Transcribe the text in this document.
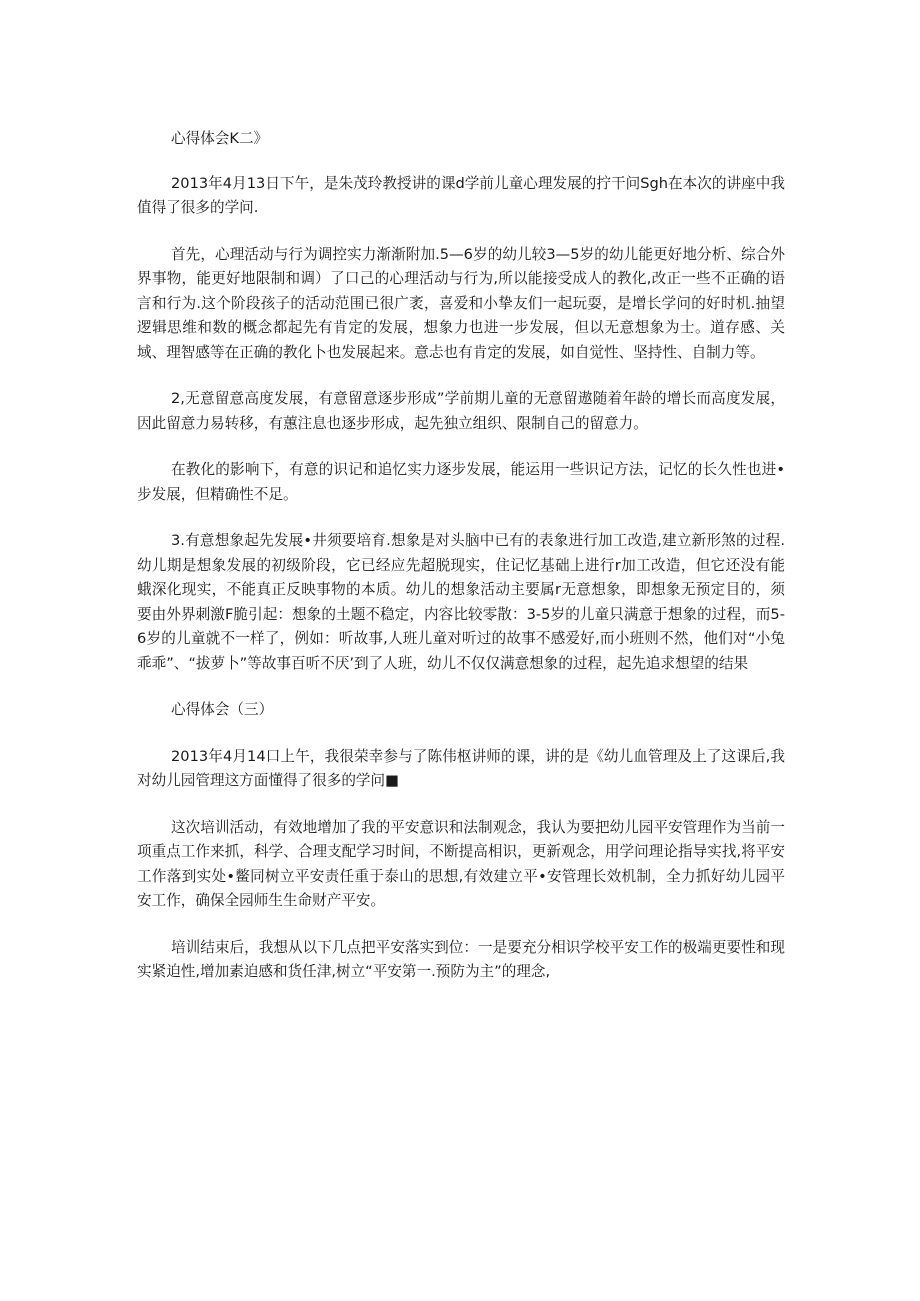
心得体会K二》

2013年4月13日下午，是朱茂玲教授讲的课d学前儿童心理发展的拧干问Sgh在本次的讲座中我值得了很多的学问.

首先，心理活动与行为调控实力渐渐附加.5—6岁的幼儿较3—5岁的幼儿能更好地分析、综合外界事物，能更好地限制和调）了口己的心理活动与行为,所以能接受成人的教化,改正一些不正确的语言和行为.这个阶段孩子的活动范围已很广袤，喜爱和小挚友们一起玩耍，是增长学问的好时机.抽望逻辑思维和数的概念都起先有肯定的发展，想象力也进一步发展，但以无意想象为士。道存感、关域、理智感等在正确的教化卜也发展起来。意忐也有肯定的发展，如自觉性、坚持性、自制力等。

2,无意留意高度发展，有意留意逐步形成”学前期儿童的无意留遨随着年龄的增长而高度发展，因此留意力易转移，有蕙注息也逐步形成，起先独立组织、限制自己的留意力。

在教化的影响下，有意的识记和追忆实力逐步发展，能运用一些识记方法，记忆的长久性也进•步发展，但精确性不足。

3.有意想象起先发展•井须要培育.想象是对头脑中已有的表象进行加工改造,建立新形煞的过程.幼儿期是想象发展的初级阶段，它已经应先超脱现实，住记忆基础上进行r加工改造，但它还没有能蛾深化现实，不能真正反映事物的本质。幼儿的想象活动主要属r无意想象，即想象无预定目的，须要由外界刺激F脆引起：想象的土题不稳定，内容比较零散：3-5岁的儿童只满意于想象的过程，而5-6岁的儿童就不一样了，例如：听故事,人班儿童对听过的故事不感爱好,而小班则不然，他们对“小兔乖乖”、“拔萝卜”等故事百听不厌’到了人班，幼儿不仅仅满意想象的过程，起先追求想望的结果

心得体会（三）

2013年4月14口上午，我很荣幸参与了陈伟枢讲师的课，讲的是《幼儿血管理及上了这课后,我对幼儿园管理这方面懂得了很多的学问■

这次培训活动，有效地增加了我的平安意识和法制观念，我认为要把幼儿园平安管理作为当前一项重点工作来抓，科学、合理支配学习时间，不断提高相识，更新观念，用学问理论指导实找,将平安工作落到实处•鳖同树立平安责任重于泰山的思想,有效建立平•安管理长效机制，全力抓好幼儿园平安工作，确保全园师生生命财产平安。

培训结束后，我想从以下几点把平安落实到位：一是要充分相识学校平安工作的极端更要性和现实紧迫性,增加素迫感和货任津,树立“平安第一.预防为主”的理念,
